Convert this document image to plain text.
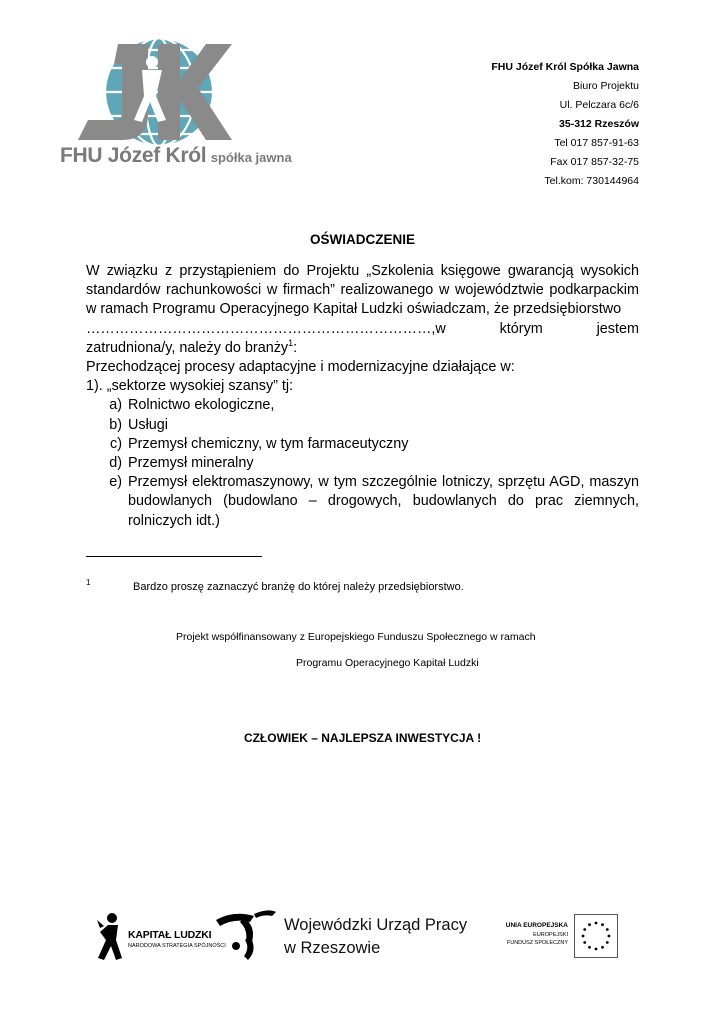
FHU Józef Król spółka jawna
FHU Józef Król Spółka Jawna
Biuro Projektu
Ul. Pelczara 6c/6
35-312 Rzeszów
Tel 017 857-91-63
Fax 017 857-32-75
Tel.kom: 730144964
OŚWIADCZENIE

W związku z przystąpieniem do Projektu „Szkolenia księgowe gwarancją wysokich standardów rachunkowości w firmach” realizowanego w województwie podkarpackim w ramach Programu Operacyjnego Kapitał Ludzki oświadczam, że przedsiębiorstwo

………………………………………………………………,w	którym	jestem

zatrudniona/y, należy do branży$^1$:

Przechodzącej procesy adaptacyjne i modernizacyjne działające w:

1). „sektorze wysokiej szansy” tj:

a) Rolnictwo ekologiczne,
b) Usługi
c) Przemysł chemiczny, w tym farmaceutyczny
d) Przemysł mineralny
e) Przemysł elektromaszynowy, w tym szczególnie lotniczy, sprzętu AGD, maszyn budowlanych (budowlano – drogowych, budowlanych do prac ziemnych, rolniczych idt.)
1	Bardzo proszę zaznaczyć branżę do której należy przedsiębiorstwo.
Projekt współfinansowany z Europejskiego Funduszu Społecznego w ramach
Programu Operacyjnego Kapitał Ludzki
CZŁOWIEK – NAJLEPSZA INWESTYCJA !
KAPITAŁ LUDZKI
NARODOWA STRATEGIA SPÓJNOŚCI
Wojewódzki Urząd Pracy
w Rzeszowie
UNIA EUROPEJSKA
EUROPEJSKI
FUNDUSZ SPOŁECZNY
